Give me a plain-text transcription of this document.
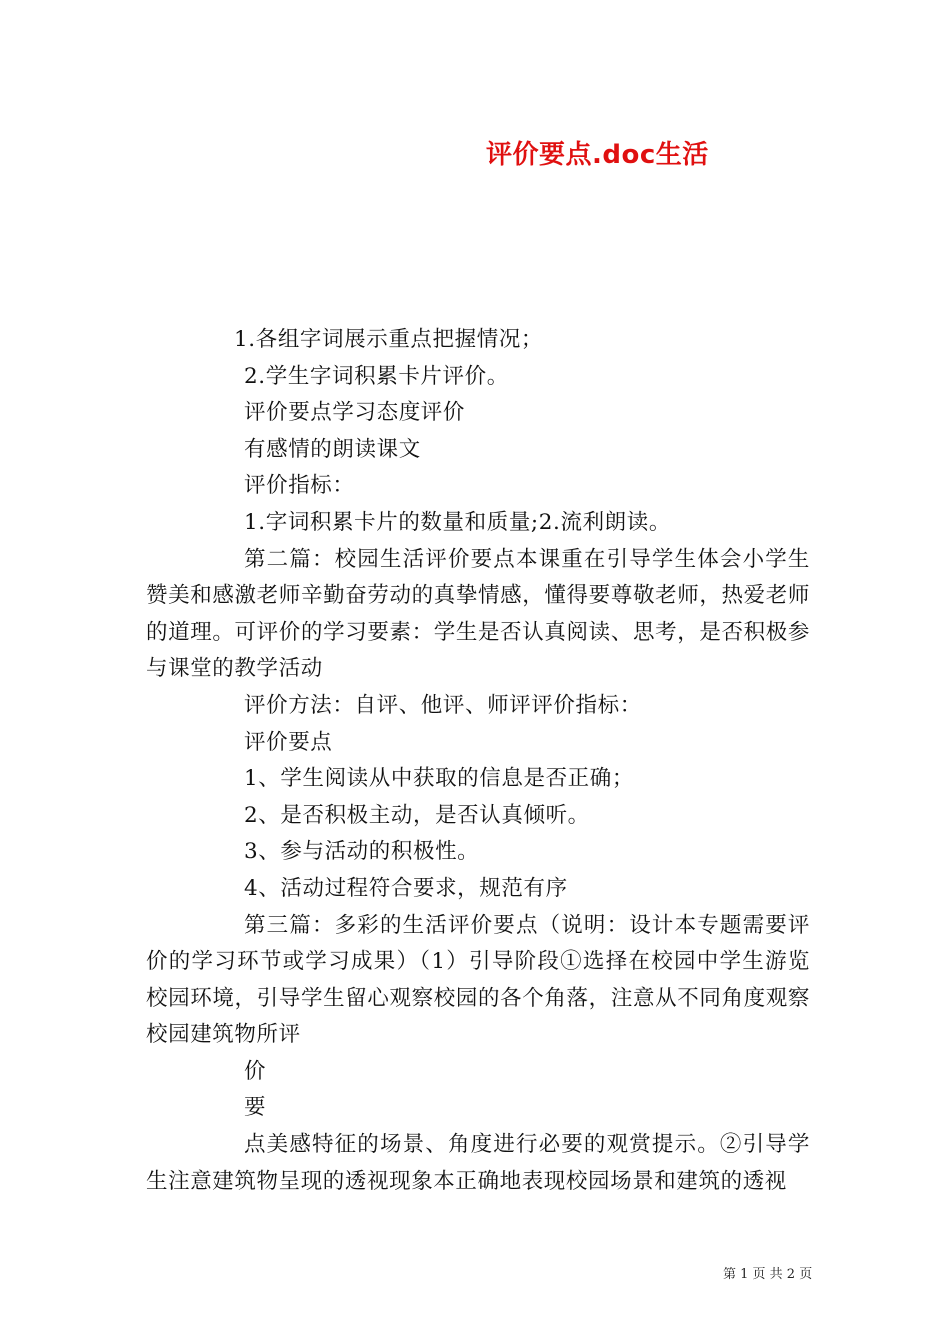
评价要点.doc生活
1.各组字词展示重点把握情况；
2.学生字词积累卡片评价。
评价要点学习态度评价
有感情的朗读课文
评价指标：
1.字词积累卡片的数量和质量;2.流利朗读。
第二篇：校园生活评价要点本课重在引导学生体会小学生赞美和感激老师辛勤奋劳动的真挚情感，懂得要尊敬老师，热爱老师的道理。可评价的学习要素：学生是否认真阅读、思考，是否积极参与课堂的教学活动
评价方法：自评、他评、师评评价指标：
评价要点
1、学生阅读从中获取的信息是否正确；
2、是否积极主动，是否认真倾听。
3、参与活动的积极性。
4、活动过程符合要求，规范有序
第三篇：多彩的生活评价要点（说明：设计本专题需要评价的学习环节或学习成果）（1）引导阶段①选择在校园中学生游览校园环境，引导学生留心观察校园的各个角落，注意从不同角度观察校园建筑物所评
价
要
点美感特征的场景、角度进行必要的观赏提示。②引导学生注意建筑物呈现的透视现象本正确地表现校园场景和建筑的透视
第 1 页 共 2 页
